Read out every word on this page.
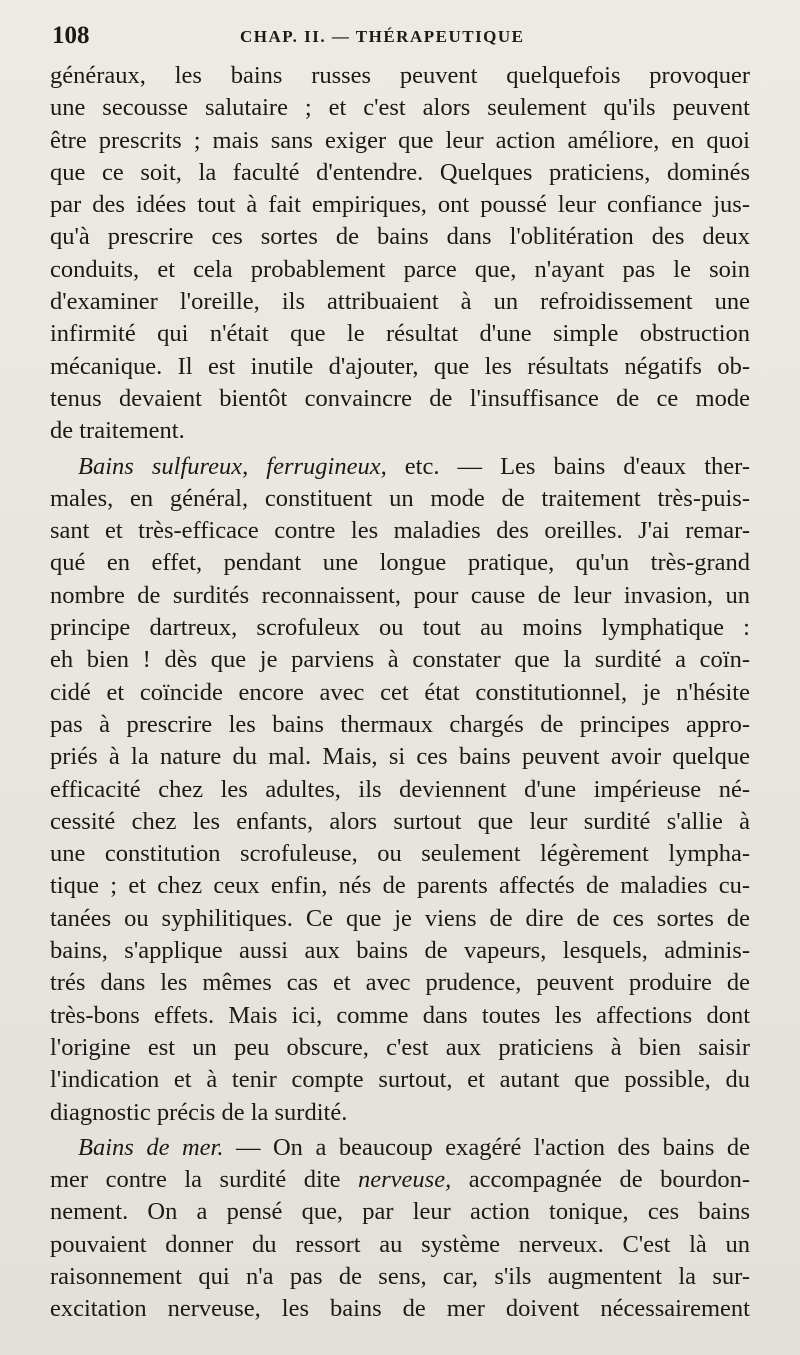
108	CHAP. II. — THÉRAPEUTIQUE
généraux, les bains russes peuvent quelquefois provoquer
une secousse salutaire ; et c'est alors seulement qu'ils peuvent
être prescrits ; mais sans exiger que leur action améliore, en quoi
que ce soit, la faculté d'entendre. Quelques praticiens, dominés
par des idées tout à fait empiriques, ont poussé leur confiance jus-
qu'à prescrire ces sortes de bains dans l'oblitération des deux
conduits, et cela probablement parce que, n'ayant pas le soin
d'examiner l'oreille, ils attribuaient à un refroidissement une
infirmité qui n'était que le résultat d'une simple obstruction
mécanique. Il est inutile d'ajouter, que les résultats négatifs ob-
tenus devaient bientôt convaincre de l'insuffisance de ce mode
de traitement.
Bains sulfureux, ferrugineux, etc. — Les bains d'eaux ther-
males, en général, constituent un mode de traitement très-puis-
sant et très-efficace contre les maladies des oreilles. J'ai remar-
qué en effet, pendant une longue pratique, qu'un très-grand
nombre de surdités reconnaissent, pour cause de leur invasion, un
principe dartreux, scrofuleux ou tout au moins lymphatique :
eh bien ! dès que je parviens à constater que la surdité a coïn-
cidé et coïncide encore avec cet état constitutionnel, je n'hésite
pas à prescrire les bains thermaux chargés de principes appro-
priés à la nature du mal. Mais, si ces bains peuvent avoir quelque
efficacité chez les adultes, ils deviennent d'une impérieuse né-
cessité chez les enfants, alors surtout que leur surdité s'allie à
une constitution scrofuleuse, ou seulement légèrement lympha-
tique ; et chez ceux enfin, nés de parents affectés de maladies cu-
tanées ou syphilitiques. Ce que je viens de dire de ces sortes de
bains, s'applique aussi aux bains de vapeurs, lesquels, adminis-
trés dans les mêmes cas et avec prudence, peuvent produire de
très-bons effets. Mais ici, comme dans toutes les affections dont
l'origine est un peu obscure, c'est aux praticiens à bien saisir
l'indication et à tenir compte surtout, et autant que possible, du
diagnostic précis de la surdité.
Bains de mer. — On a beaucoup exagéré l'action des bains de
mer contre la surdité dite nerveuse, accompagnée de bourdon-
nement. On a pensé que, par leur action tonique, ces bains
pouvaient donner du ressort au système nerveux. C'est là un
raisonnement qui n'a pas de sens, car, s'ils augmentent la sur-
excitation nerveuse, les bains de mer doivent nécessairement
